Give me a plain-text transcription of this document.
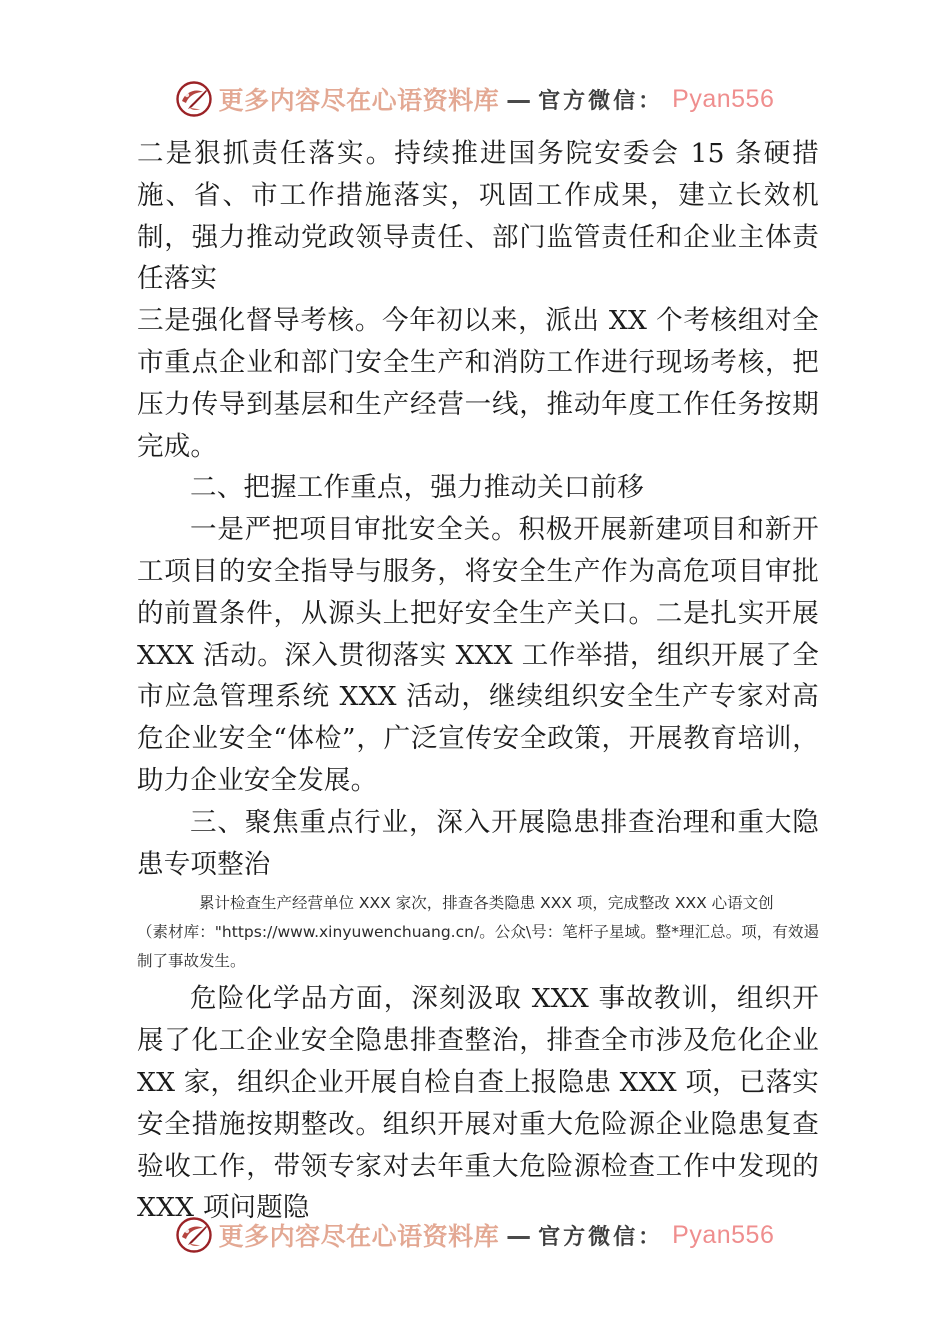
更多内容尽在心语资料库 — 官方微信： Pyan556

二是狠抓责任落实。持续推进国务院安委会 15 条硬措施、省、市工作措施落实，巩固工作成果，建立长效机制，强力推动党政领导责任、部门监管责任和企业主体责任落实

三是强化督导考核。今年初以来，派出 XX 个考核组对全市重点企业和部门安全生产和消防工作进行现场考核，把压力传导到基层和生产经营一线，推动年度工作任务按期完成。

二、把握工作重点，强力推动关口前移

一是严把项目审批安全关。积极开展新建项目和新开工项目的安全指导与服务，将安全生产作为高危项目审批的前置条件，从源头上把好安全生产关口。二是扎实开展 XXX 活动。深入贯彻落实 XXX 工作举措，组织开展了全市应急管理系统 XXX 活动，继续组织安全生产专家对高危企业安全“体检”，广泛宣传安全政策，开展教育培训，助力企业安全发展。

三、聚焦重点行业，深入开展隐患排查治理和重大隐患专项整治

累计检查生产经营单位 XXX 家次，排查各类隐患 XXX 项，完成整改 XXX 心语文创
（素材库："https://www.xinyuwenchuang.cn/。公众\号：笔杆子星域。整*理汇总。项，有效遏制了事故发生。

危险化学品方面，深刻汲取 XXX 事故教训，组织开展了化工企业安全隐患排查整治，排查全市涉及危化企业 XX 家，组织企业开展自检自查上报隐患 XXX 项，已落实安全措施按期整改。组织开展对重大危险源企业隐患复查验收工作，带领专家对去年重大危险源检查工作中发现的 XXX 项问题隐

更多内容尽在心语资料库 — 官方微信： Pyan556
